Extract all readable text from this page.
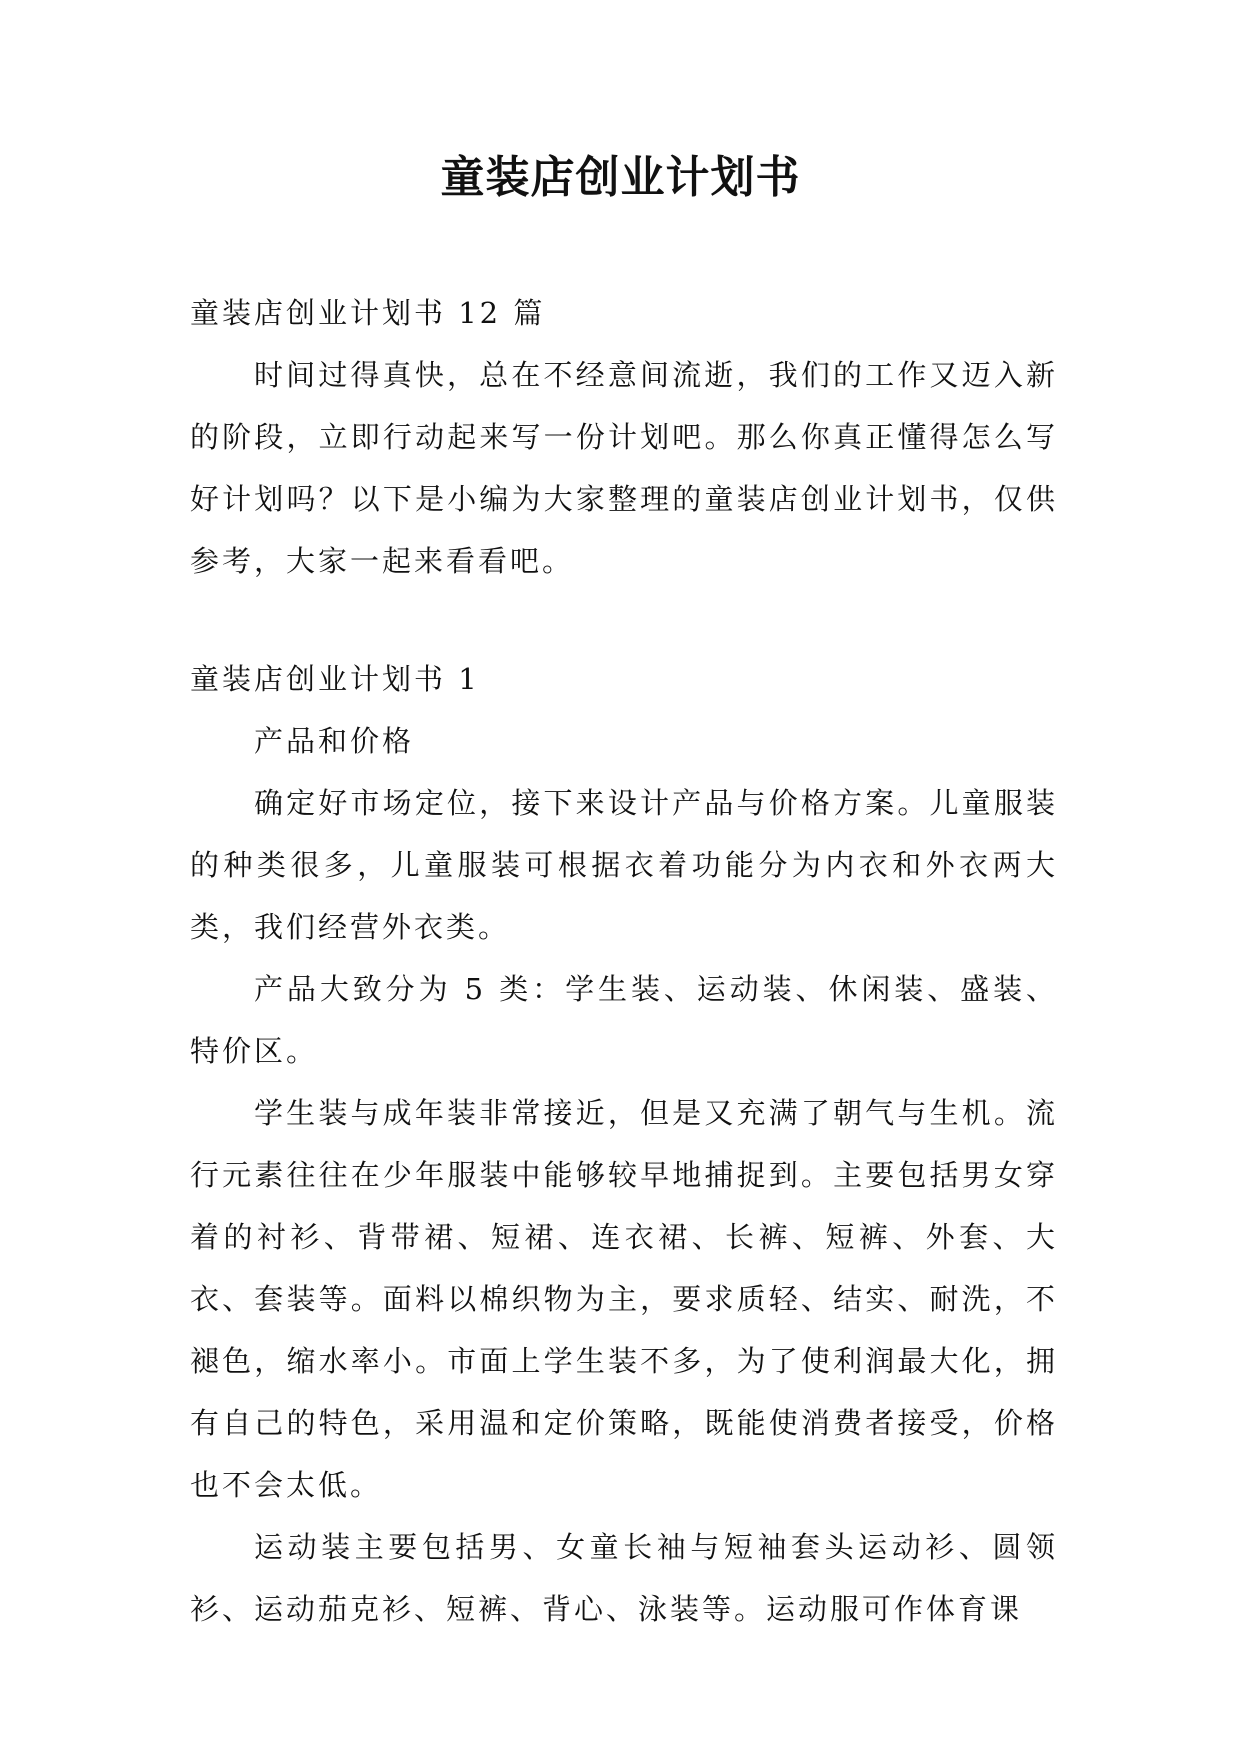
童装店创业计划书

童装店创业计划书 12 篇

时间过得真快，总在不经意间流逝，我们的工作又迈入新的阶段，立即行动起来写一份计划吧。那么你真正懂得怎么写好计划吗？以下是小编为大家整理的童装店创业计划书，仅供参考，大家一起来看看吧。

童装店创业计划书 1

产品和价格

确定好市场定位，接下来设计产品与价格方案。儿童服装的种类很多，儿童服装可根据衣着功能分为内衣和外衣两大类，我们经营外衣类。

产品大致分为 5 类：学生装、运动装、休闲装、盛装、特价区。

学生装与成年装非常接近，但是又充满了朝气与生机。流行元素往往在少年服装中能够较早地捕捉到。主要包括男女穿着的衬衫、背带裙、短裙、连衣裙、长裤、短裤、外套、大衣、套装等。面料以棉织物为主，要求质轻、结实、耐洗，不褪色，缩水率小。市面上学生装不多，为了使利润最大化，拥有自己的特色，采用温和定价策略，既能使消费者接受，价格也不会太低。

运动装主要包括男、女童长袖与短袖套头运动衫、圆领衫、运动茄克衫、短裤、背心、泳装等。运动服可作体育课
